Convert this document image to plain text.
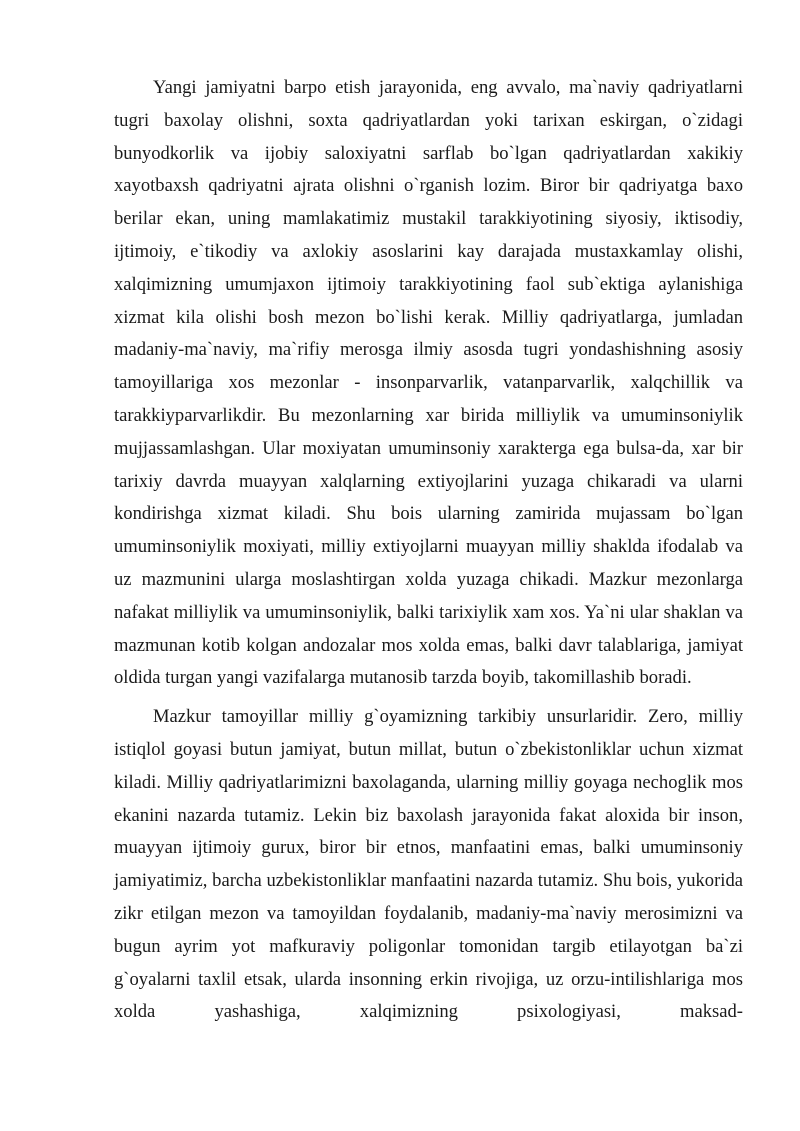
Yangi jamiyatni barpo etish jarayonida, eng avvalo, ma`naviy qadriyatlarni tugri baxolay olishni, soxta qadriyatlardan yoki tarixan eskirgan, o`zidagi bunyodkorlik va ijobiy saloxiyatni sarflab bo`lgan qadriyatlardan xakikiy xayotbaxsh qadriyatni ajrata olishni o`rganish lozim. Biror bir qadriyatga baxo berilar ekan, uning mamlakatimiz mustakil tarakkiyotining siyosiy, iktisodiy, ijtimoiy, e`tikodiy va axlokiy asoslarini kay darajada mustaxkamlay olishi, xalqimizning umumjaxon ijtimoiy tarakkiyotining faol sub`ektiga aylanishiga xizmat kila olishi bosh mezon bo`lishi kerak. Milliy qadriyatlarga, jumladan madaniy-ma`naviy, ma`rifiy merosga ilmiy asosda tugri yondashishning asosiy tamoyillariga xos mezonlar - insonparvarlik, vatanparvarlik, xalqchillik va tarakkiyparvarlikdir. Bu mezonlarning xar birida milliylik va umuminsoniylik mujjassamlashgan. Ular moxiyatan umuminsoniy xarakterga ega bulsa-da, xar bir tarixiy davrda muayyan xalqlarning extiyojlarini yuzaga chikaradi va ularni kondirishga xizmat kiladi. Shu bois ularning zamirida mujassam bo`lgan umuminsoniylik moxiyati, milliy extiyojlarni muayyan milliy shaklda ifodalab va uz mazmunini ularga moslashtirgan xolda yuzaga chikadi. Mazkur mezonlarga nafakat milliylik va umuminsoniylik, balki tarixiylik xam xos. Ya`ni ular shaklan va mazmunan kotib kolgan andozalar mos xolda emas, balki davr talablariga, jamiyat oldida turgan yangi vazifalarga mutanosib tarzda boyib, takomillashib boradi.

Mazkur tamoyillar milliy g`oyamizning tarkibiy unsurlaridir. Zero, milliy istiqlol goyasi butun jamiyat, butun millat, butun o`zbekistonliklar uchun xizmat kiladi. Milliy qadriyatlarimizni baxolaganda, ularning milliy goyaga nechoglik mos ekanini nazarda tutamiz. Lekin biz baxolash jarayonida fakat aloxida bir inson, muayyan ijtimoiy gurux, biror bir etnos, manfaatini emas, balki umuminsoniy jamiyatimiz, barcha uzbekistonliklar manfaatini nazarda tutamiz. Shu bois, yukorida zikr etilgan mezon va tamoyildan foydalanib, madaniy-ma`naviy merosimizni va bugun ayrim yot mafkuraviy poligonlar tomonidan targib etilayotgan ba`zi g`oyalarni taxlil etsak, ularda insonning erkin rivojiga, uz orzu-intilishlariga mos xolda yashashiga, xalqimizning psixologiyasi, maksad-
